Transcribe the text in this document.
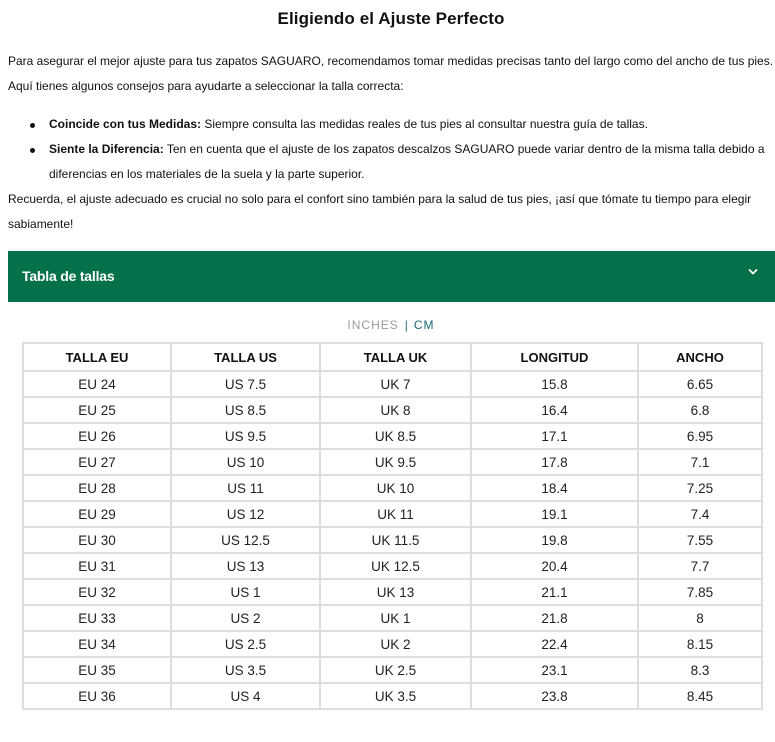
Eligiendo el Ajuste Perfecto

Para asegurar el mejor ajuste para tus zapatos SAGUARO, recomendamos tomar medidas precisas tanto del largo como del ancho de tus pies.

Aquí tienes algunos consejos para ayudarte a seleccionar la talla correcta:

Coincide con tus Medidas: Siempre consulta las medidas reales de tus pies al consultar nuestra guía de tallas.
Siente la Diferencia: Ten en cuenta que el ajuste de los zapatos descalzos SAGUARO puede variar dentro de la misma talla debido a diferencias en los materiales de la suela y la parte superior.

Recuerda, el ajuste adecuado es crucial no solo para el confort sino también para la salud de tus pies, ¡así que tómate tu tiempo para elegir sabiamente!

Tabla de tallas
INCHES | CM
TALLA EU	TALLA US	TALLA UK	LONGITUD	ANCHO
EU 24	US 7.5	UK 7	15.8	6.65
EU 25	US 8.5	UK 8	16.4	6.8
EU 26	US 9.5	UK 8.5	17.1	6.95
EU 27	US 10	UK 9.5	17.8	7.1
EU 28	US 11	UK 10	18.4	7.25
EU 29	US 12	UK 11	19.1	7.4
EU 30	US 12.5	UK 11.5	19.8	7.55
EU 31	US 13	UK 12.5	20.4	7.7
EU 32	US 1	UK 13	21.1	7.85
EU 33	US 2	UK 1	21.8	8
EU 34	US 2.5	UK 2	22.4	8.15
EU 35	US 3.5	UK 2.5	23.1	8.3
EU 36	US 4	UK 3.5	23.8	8.45
